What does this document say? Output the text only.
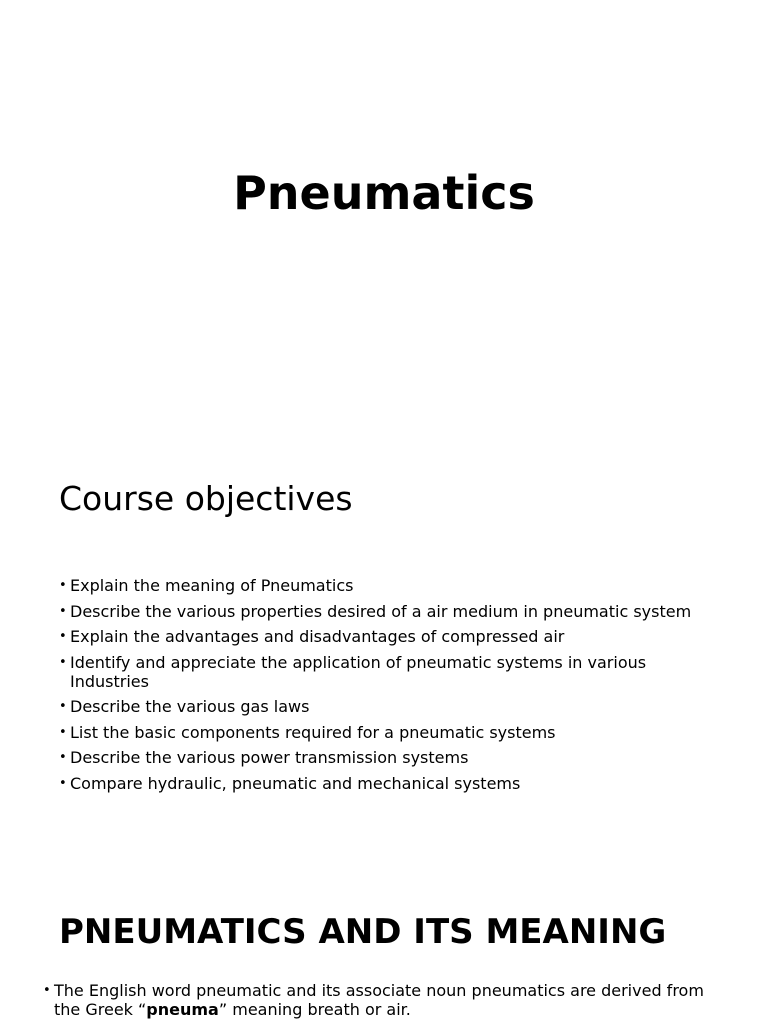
Pneumatics
Course objectives
• Explain the meaning of Pneumatics
• Describe the various properties desired of a air medium in pneumatic system
• Explain the advantages and disadvantages of compressed air
• Identify and appreciate the application of pneumatic systems in various Industries
• Describe the various gas laws
• List the basic components required for a pneumatic systems
• Describe the various power transmission systems
• Compare hydraulic, pneumatic and mechanical systems
PNEUMATICS AND ITS MEANING

• The English word pneumatic and its associate noun pneumatics are derived from the Greek “pneuma” meaning breath or air.
